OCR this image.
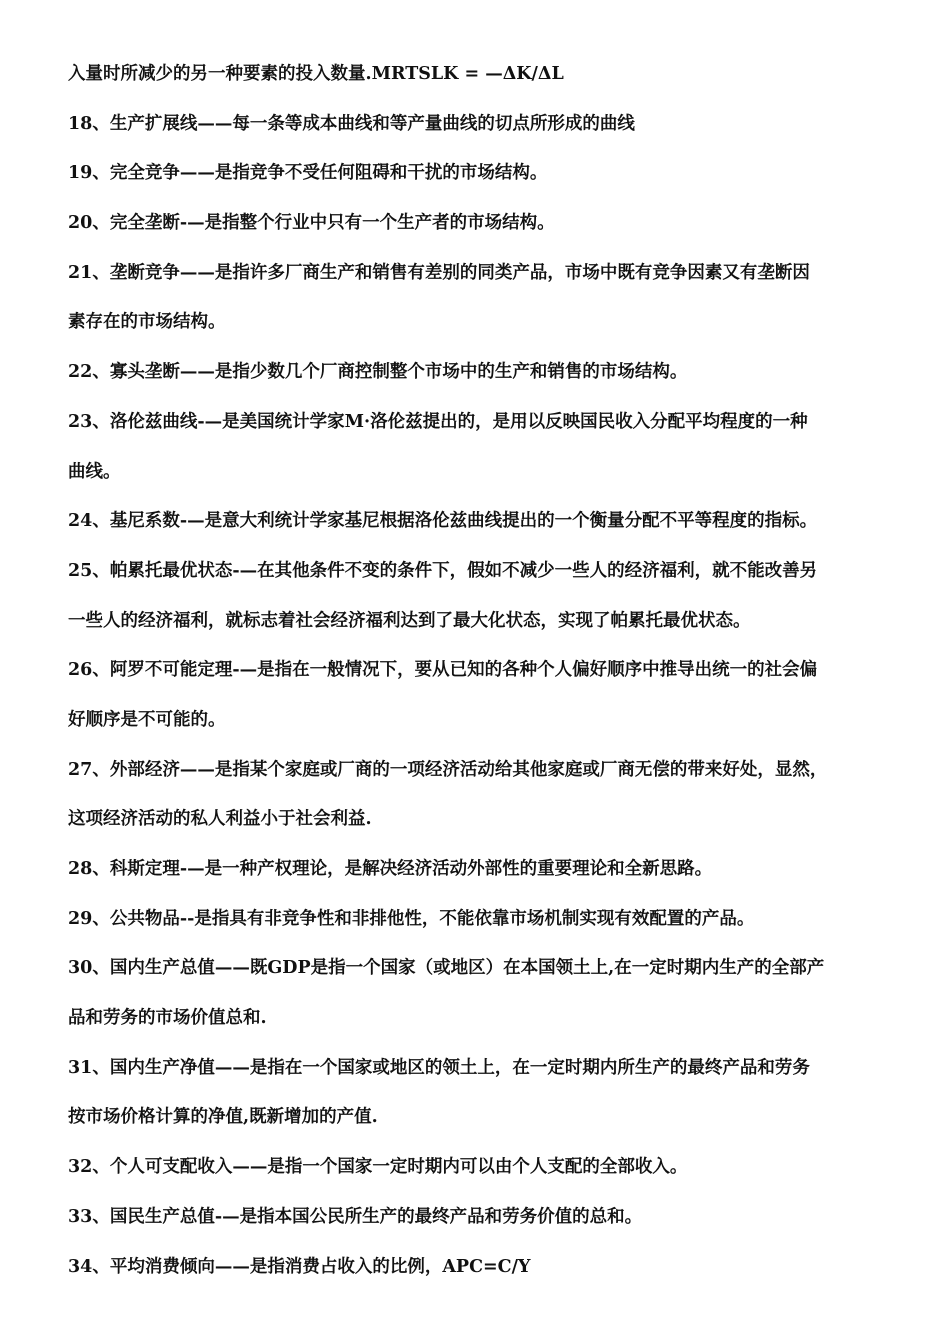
入量时所减少的另一种要素的投入数量.MRTSLK = —ΔK/ΔL
18、生产扩展线——每一条等成本曲线和等产量曲线的切点所形成的曲线
19、完全竞争——是指竞争不受任何阻碍和干扰的市场结构。
20、完全垄断-—是指整个行业中只有一个生产者的市场结构。
21、垄断竞争——是指许多厂商生产和销售有差别的同类产品，市场中既有竞争因素又有垄断因
素存在的市场结构。
22、寡头垄断——是指少数几个厂商控制整个市场中的生产和销售的市场结构。
23、洛伦兹曲线-—是美国统计学家M·洛伦兹提出的，是用以反映国民收入分配平均程度的一种
曲线。
24、基尼系数-—是意大利统计学家基尼根据洛伦兹曲线提出的一个衡量分配不平等程度的指标。
25、帕累托最优状态-—在其他条件不变的条件下，假如不减少一些人的经济福利，就不能改善另
一些人的经济福利，就标志着社会经济福利达到了最大化状态，实现了帕累托最优状态。
26、阿罗不可能定理-—是指在一般情况下，要从已知的各种个人偏好顺序中推导出统一的社会偏
好顺序是不可能的。
27、外部经济——是指某个家庭或厂商的一项经济活动给其他家庭或厂商无偿的带来好处，显然，
这项经济活动的私人利益小于社会利益.
28、科斯定理-—是一种产权理论，是解决经济活动外部性的重要理论和全新思路。
29、公共物品--是指具有非竞争性和非排他性，不能依靠市场机制实现有效配置的产品。
30、国内生产总值——既GDP是指一个国家（或地区）在本国领土上,在一定时期内生产的全部产
品和劳务的市场价值总和.
31、国内生产净值——是指在一个国家或地区的领土上，在一定时期内所生产的最终产品和劳务
按市场价格计算的净值,既新增加的产值.
32、个人可支配收入——是指一个国家一定时期内可以由个人支配的全部收入。
33、国民生产总值-—是指本国公民所生产的最终产品和劳务价值的总和。
34、平均消费倾向——是指消费占收入的比例，APC=C/Y
